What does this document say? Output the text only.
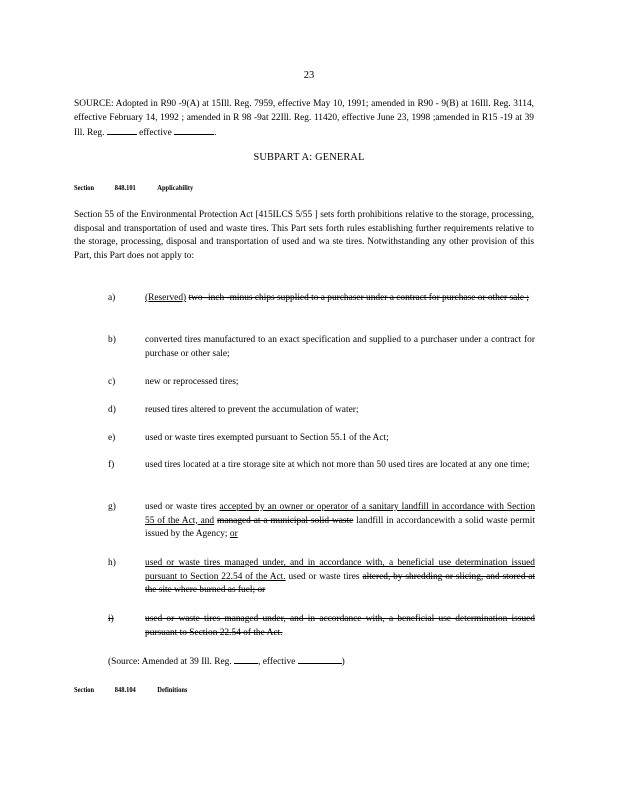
23
SOURCE: Adopted in R90 -9(A) at 15Ill. Reg. 7959, effective May 10, 1991; amended in R90 - 9(B) at 16Ill. Reg. 3114, effective February 14, 1992 ; amended in R 98 -9at 22Ill. Reg. 11420, effective June 23, 1998 ;amended in R15 -19 at 39 Ill. Reg.	effective	.
SUBPART A: GENERAL
Section	848.101	Applicability
Section 55 of the Environmental Protection Act [415ILCS 5/55 ] sets forth prohibitions relative to the storage, processing, disposal and transportation of used and waste tires. This Part sets forth rules establishing further requirements relative to the storage, processing, disposal and transportation of used and wa ste tires. Notwithstanding any other provision of this Part, this Part does not apply to:
a)	(Reserved) two -inch -minus chips supplied to a purchaser under a contract for purchase or other sale ;
b)	converted tires manufactured to an exact specification and supplied to a purchaser under a contract for purchase or other sale;
c)	new or reprocessed tires;
d)	reused tires altered to prevent the accumulation of water;
e)	used or waste tires exempted pursuant to Section 55.1 of the Act;
f)	used tires located at a tire storage site at which not more than 50 used tires are located at any one time;
g)	used or waste tires accepted by an owner or operator of a sanitary landfill in accordance with Section 55 of the Act, and managed at a municipal solid waste landfill in accordancewith a solid waste permit issued by the Agency; or
h)	used or waste tires managed under, and in accordance with, a beneficial use determination issued pursuant to Section 22.54 of the Act. used or waste tires altered, by shredding or slicing, and stored at the site where burned as fuel; or
i)	used or waste tires managed under, and in accordance with, a beneficial use determination issued pursuant to Section 22.54 of the Act.
(Source: Amended at 39 Ill. Reg.	, effective	)
Section	848.104	Definitions
